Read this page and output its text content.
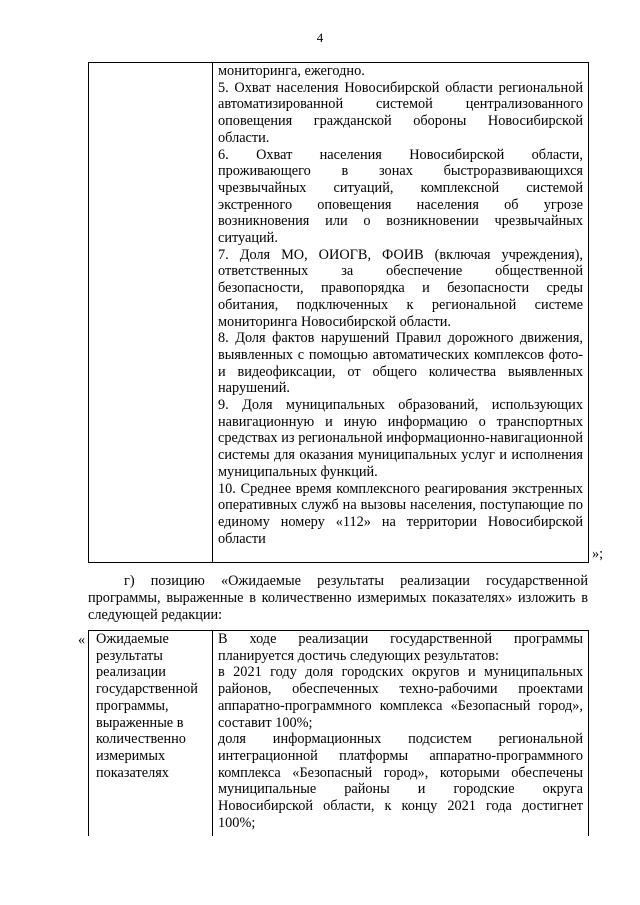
4
мониторинга, ежегодно.
5. Охват населения Новосибирской области региональной автоматизированной системой централизованного оповещения гражданской обороны Новосибирской области.
6. Охват населения Новосибирской области, проживающего в зонах быстроразвивающихся чрезвычайных ситуаций, комплексной системой экстренного оповещения населения об угрозе возникновения или о возникновении чрезвычайных ситуаций.
7. Доля МО, ОИОГВ, ФОИВ (включая учреждения), ответственных за обеспечение общественной безопасности, правопорядка и безопасности среды обитания, подключенных к региональной системе мониторинга Новосибирской области.
8. Доля фактов нарушений Правил дорожного движения, выявленных с помощью автоматических комплексов фото- и видеофиксации, от общего количества выявленных нарушений.
9. Доля муниципальных образований, использующих навигационную и иную информацию о транспортных средствах из региональной информационно-навигационной системы для оказания муниципальных услуг и исполнения муниципальных функций.
10. Среднее время комплексного реагирования экстренных оперативных служб на вызовы населения, поступающие по единому номеру «112» на территории Новосибирской области
»;
г) позицию «Ожидаемые результаты реализации государственной программы, выраженные в количественно измеримых показателях» изложить в следующей редакции:
« Ожидаемые результаты реализации государственной программы, выраженные в количественно измеримых показателях
В ходе реализации государственной программы планируется достичь следующих результатов:
в 2021 году доля городских округов и муниципальных районов, обеспеченных техно-рабочими проектами аппаратно-программного комплекса «Безопасный город», составит 100%;
доля информационных подсистем региональной интеграционной платформы аппаратно-программного комплекса «Безопасный город», которыми обеспечены муниципальные районы и городские округа Новосибирской области, к концу 2021 года достигнет 100%;
